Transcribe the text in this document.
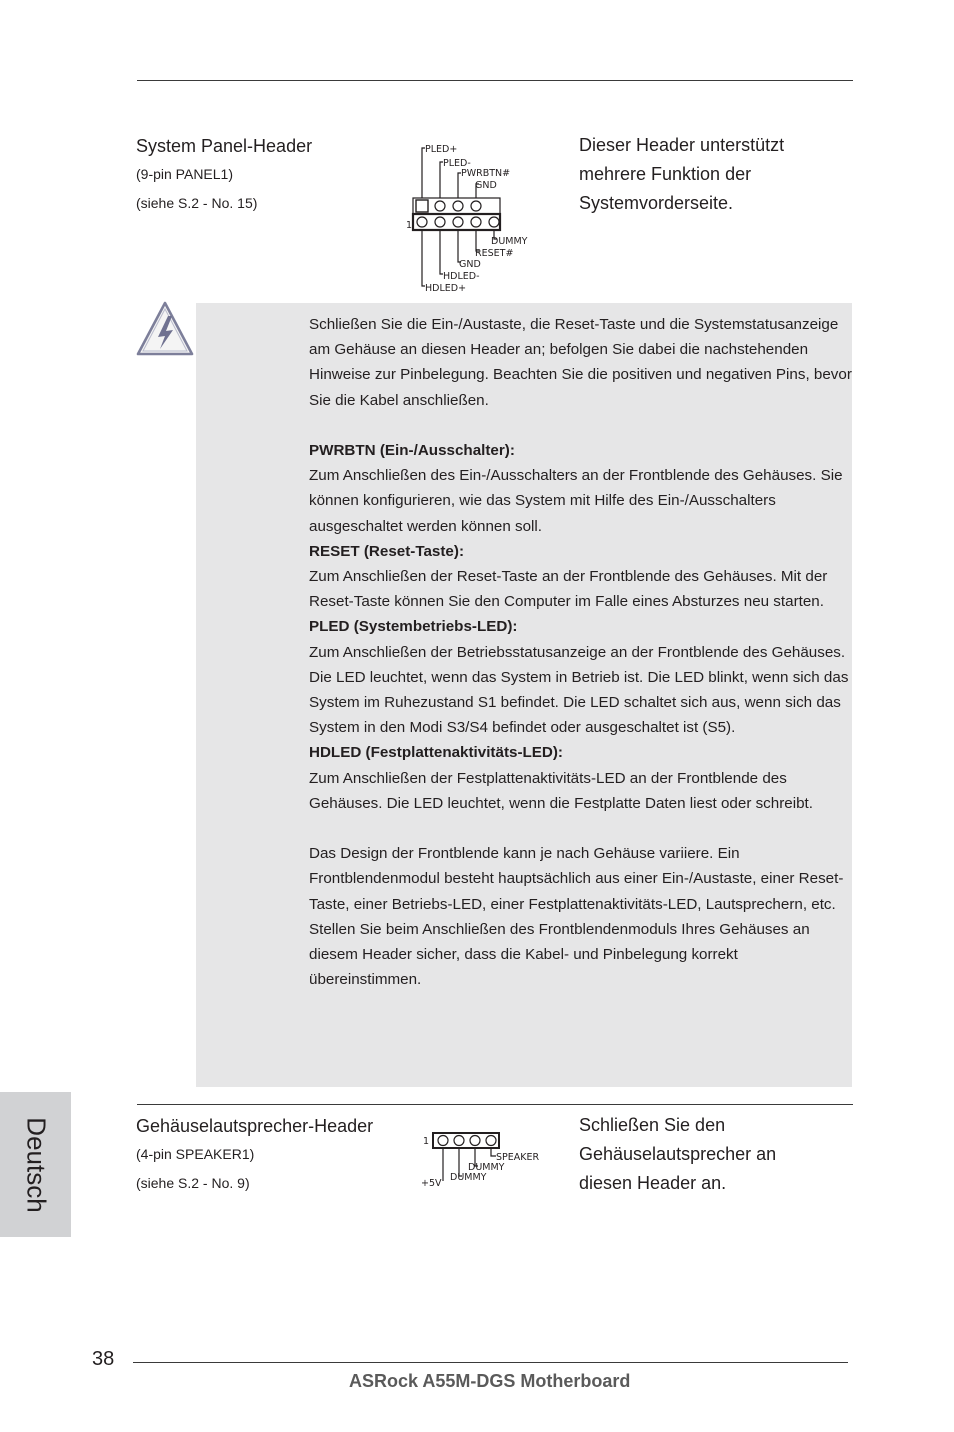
System Panel-Header
(9-pin PANEL1)
(siehe S.2 - No. 15)
PLED+
PLED-
PWRBTN#
GND
DUMMY
RESET#
GND
HDLED-
HDLED+
1
Dieser Header unterstützt
mehrere Funktion der
Systemvorderseite.

Schließen Sie die Ein-/Austaste, die Reset-Taste und die Systemstatusanzeige am Gehäuse an diesen Header an; befolgen Sie dabei die nachstehenden Hinweise zur Pinbelegung. Beachten Sie die positiven und negativen Pins, bevor Sie die Kabel anschließen.

PWRBTN (Ein-/Ausschalter):

Zum Anschließen des Ein-/Ausschalters an der Frontblende des Gehäuses. Sie können konfigurieren, wie das System mit Hilfe des Ein-/Ausschalters ausgeschaltet werden können soll.

RESET (Reset-Taste):

Zum Anschließen der Reset-Taste an der Frontblende des Gehäuses. Mit der Reset-Taste können Sie den Computer im Falle eines Absturzes neu starten.

PLED (Systembetriebs-LED):

Zum Anschließen der Betriebsstatusanzeige an der Frontblende des Gehäuses. Die LED leuchtet, wenn das System in Betrieb ist. Die LED blinkt, wenn sich das System im Ruhezustand S1 befindet. Die LED schaltet sich aus, wenn sich das System in den Modi S3/S4 befindet oder ausgeschaltet ist (S5).

HDLED (Festplattenaktivitäts-LED):

Zum Anschließen der Festplattenaktivitäts-LED an der Frontblende des Gehäuses. Die LED leuchtet, wenn die Festplatte Daten liest oder schreibt.

Das Design der Frontblende kann je nach Gehäuse variiere. Ein Frontblendenmodul besteht hauptsächlich aus einer Ein-/Austaste, einer Reset-Taste, einer Betriebs-LED, einer Festplattenaktivitäts-LED, Lautsprechern, etc. Stellen Sie beim Anschließen des Frontblendenmoduls Ihres Gehäuses an diesem Header sicher, dass die Kabel- und Pinbelegung korrekt übereinstimmen.

Gehäuselautsprecher-Header
(4-pin SPEAKER1)
(siehe S.2 - No. 9)
1
SPEAKER
DUMMY
DUMMY
+5V
Schließen Sie den
Gehäuselautsprecher an
diesen Header an.
Deutsch
38
ASRock A55M-DGS Motherboard
